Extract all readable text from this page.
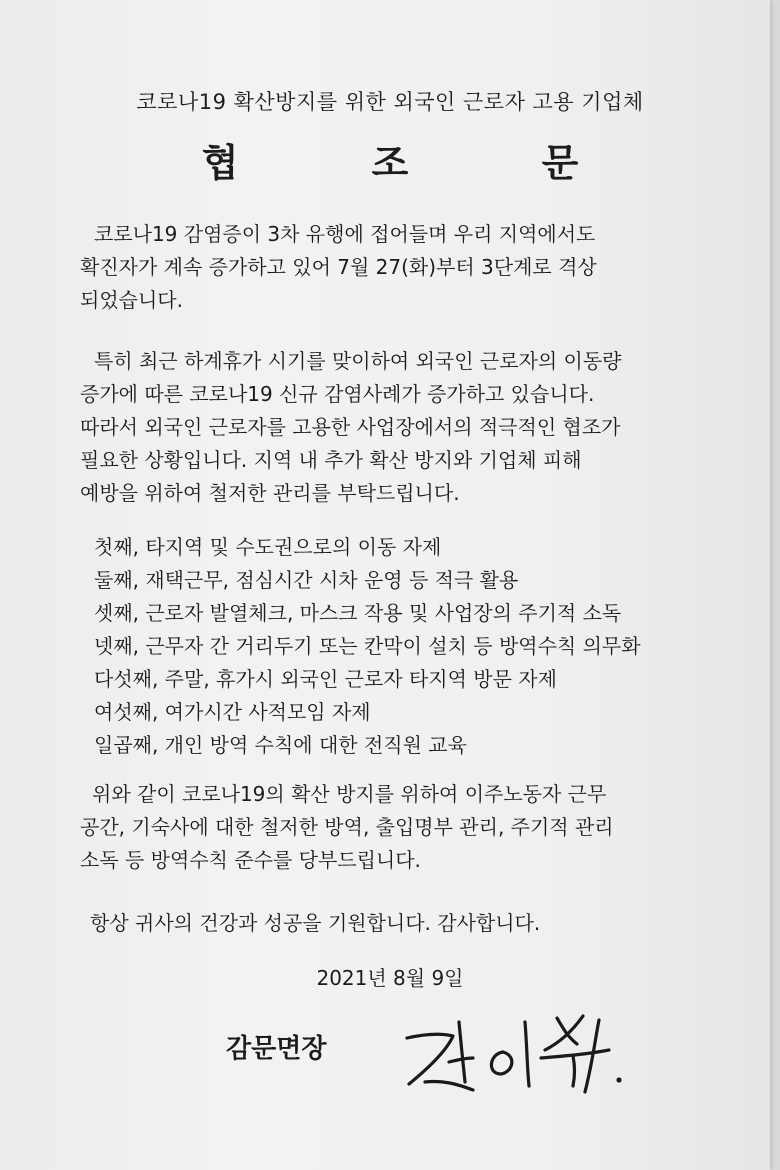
코로나19 확산방지를 위한 외국인 근로자 고용 기업체
협 조 문

코로나19 감염증이 3차 유행에 접어들며 우리 지역에서도
확진자가 계속 증가하고 있어 7월 27(화)부터 3단계로 격상
되었습니다.

특히 최근 하계휴가 시기를 맞이하여 외국인 근로자의 이동량
증가에 따른 코로나19 신규 감염사례가 증가하고 있습니다.
따라서 외국인 근로자를 고용한 사업장에서의 적극적인 협조가
필요한 상황입니다. 지역 내 추가 확산 방지와 기업체 피해
예방을 위하여 철저한 관리를 부탁드립니다.

첫째, 타지역 및 수도권으로의 이동 자제
둘째, 재택근무, 점심시간 시차 운영 등 적극 활용
셋째, 근로자 발열체크, 마스크 작용 및 사업장의 주기적 소독
넷째, 근무자 간 거리두기 또는 칸막이 설치 등 방역수칙 의무화
다섯째, 주말, 휴가시 외국인 근로자 타지역 방문 자제
여섯째, 여가시간 사적모임 자제
일곱째, 개인 방역 수칙에 대한 전직원 교육

위와 같이 코로나19의 확산 방지를 위하여 이주노동자 근무
공간, 기숙사에 대한 철저한 방역, 출입명부 관리, 주기적 관리
소독 등 방역수칙 준수를 당부드립니다.

항상 귀사의 건강과 성공을 기원합니다. 감사합니다.

2021년 8월 9일
감문면장
